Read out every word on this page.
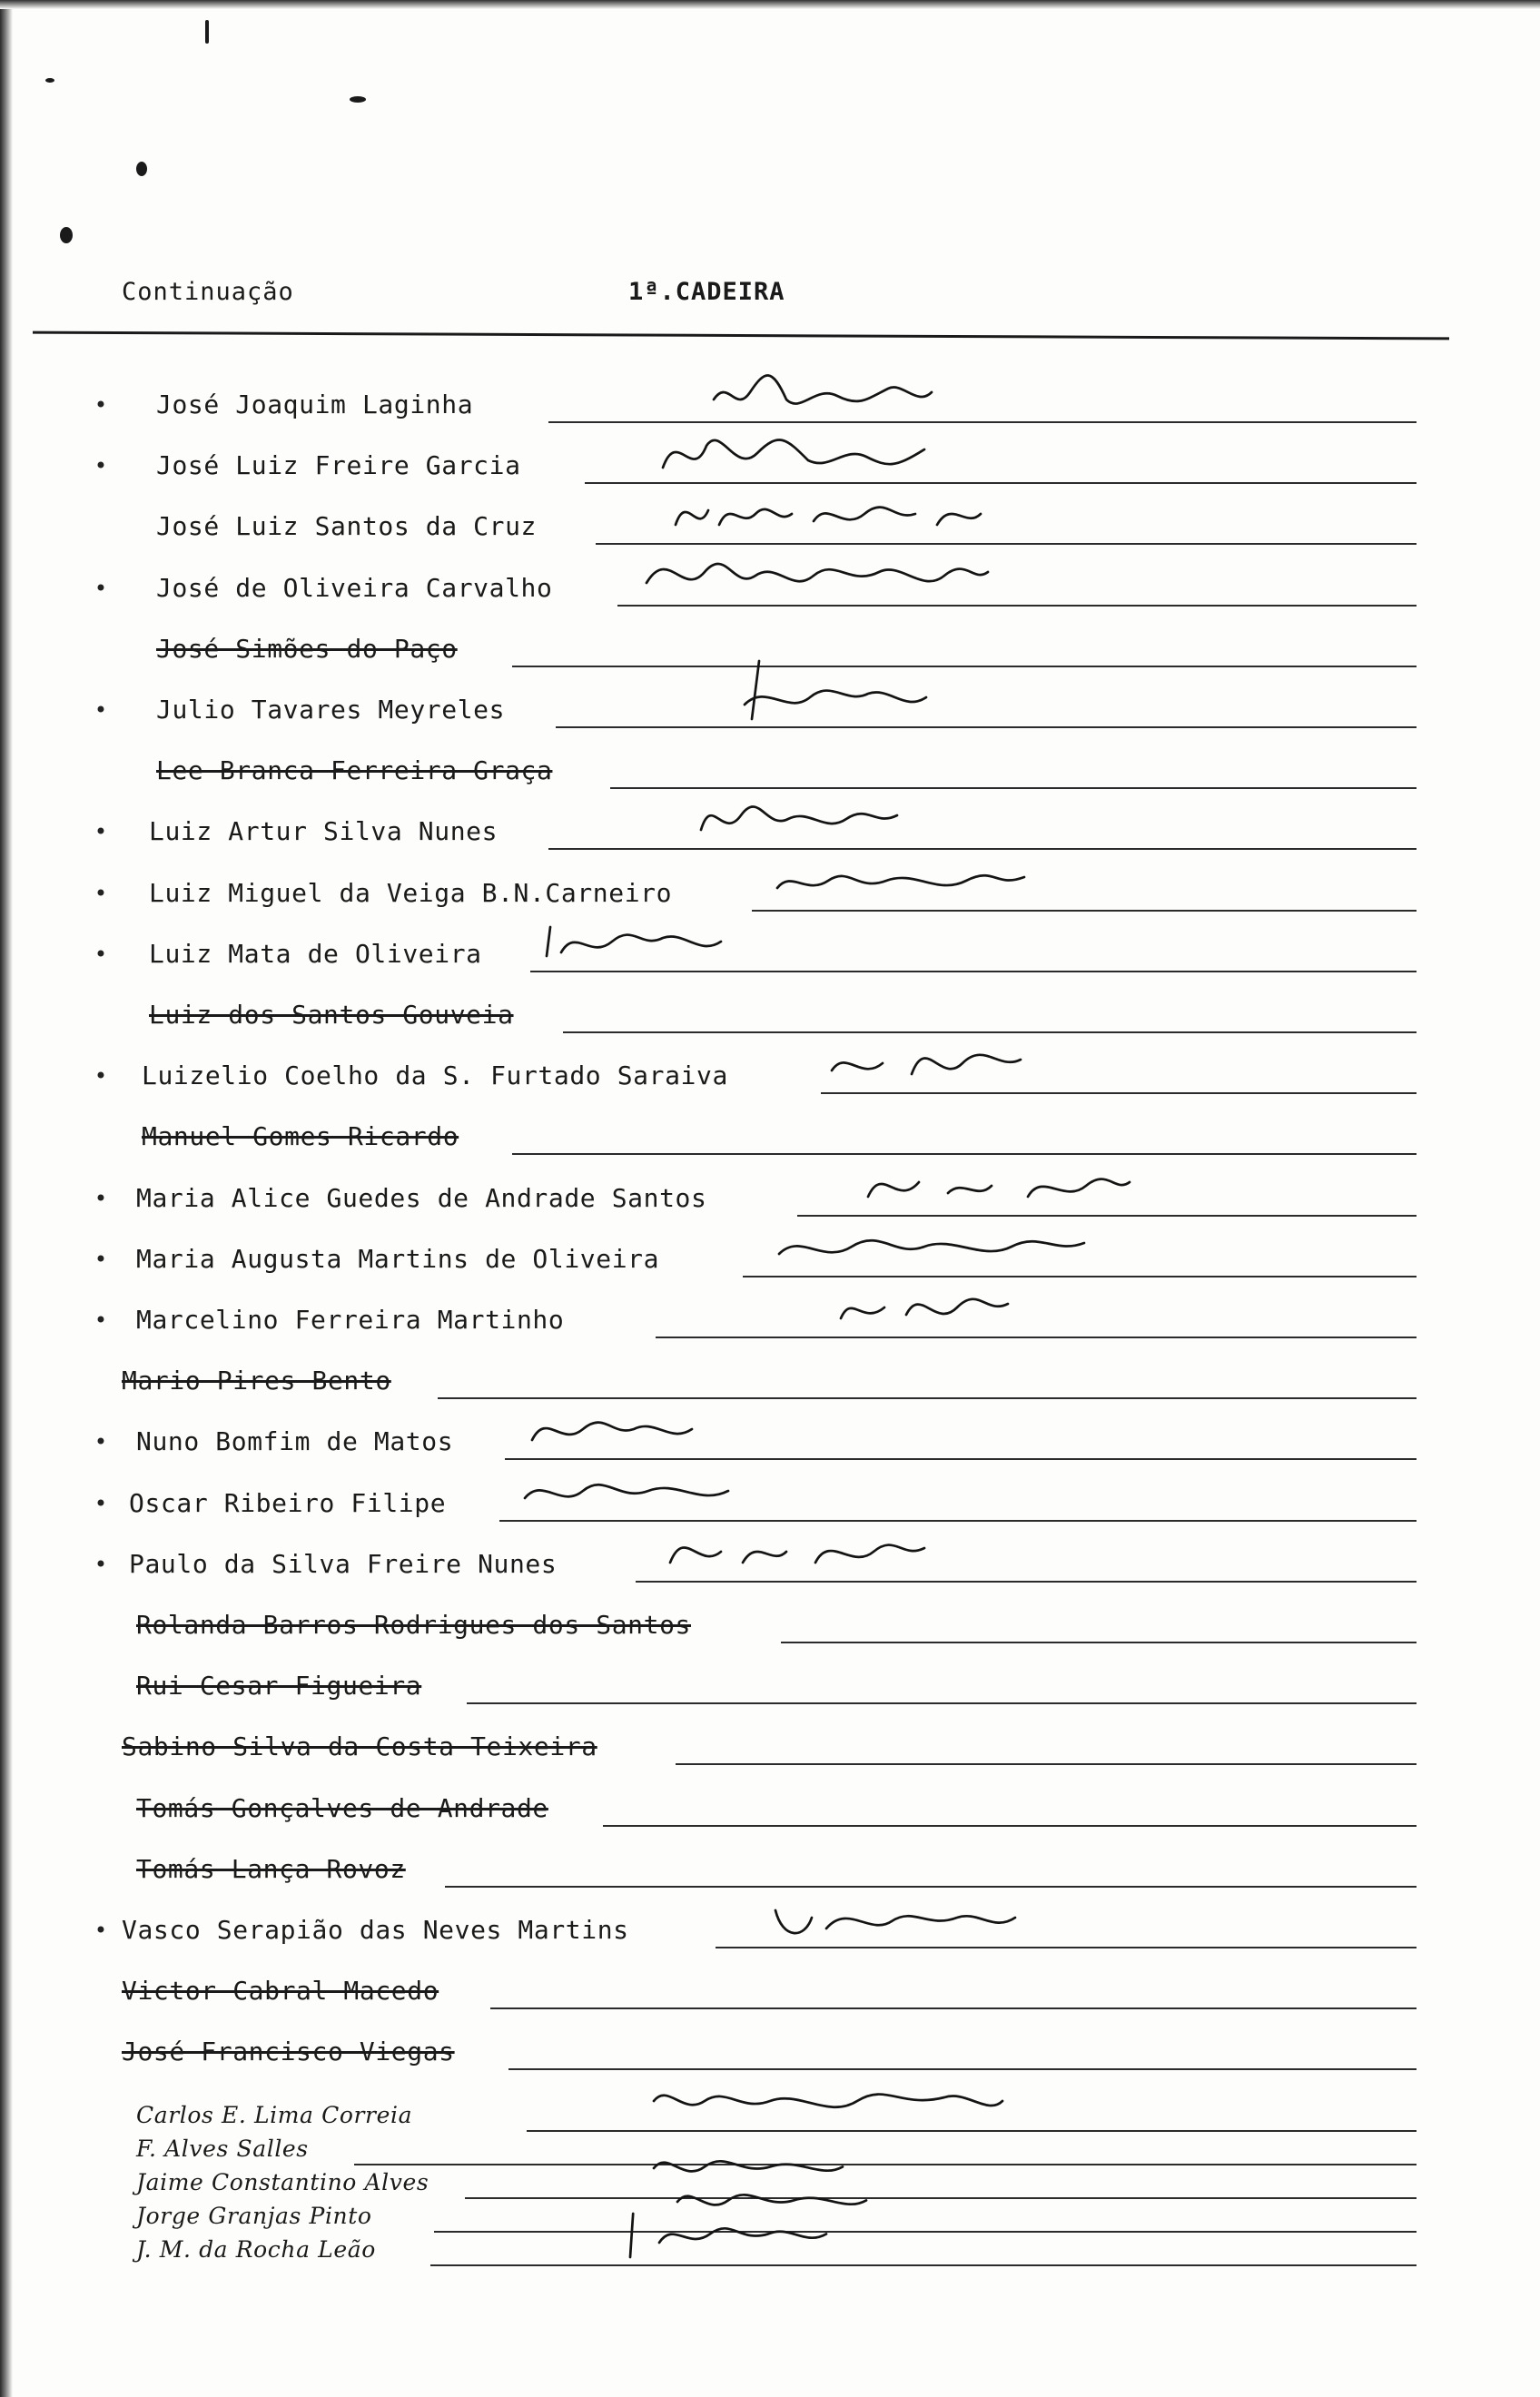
Continuação	1ª.CADEIRA
• José Joaquim Laginha
• José Luiz Freire Garcia
José Luiz Santos da Cruz
• José de Oliveira Carvalho
José Simões do Paço
• Julio Tavares Meyreles
Lee Branca Ferreira Graça
• Luiz Artur Silva Nunes
• Luiz Miguel da Veiga B.N.Carneiro
• Luiz Mata de Oliveira
Luiz dos Santos Gouveia
• Luizelio Coelho da S. Furtado Saraiva
Manuel Gomes Ricardo
• Maria Alice Guedes de Andrade Santos
• Maria Augusta Martins de Oliveira
• Marcelino Ferreira Martinho
Mario Pires Bento
• Nuno Bomfim de Matos
• Oscar Ribeiro Filipe
• Paulo da Silva Freire Nunes
Rolanda Barros Rodrigues dos Santos
Rui Cesar Figueira
Sabino Silva da Costa Teixeira
Tomás Gonçalves de Andrade
Tomás Lança Rovoz
• Vasco Serapião das Neves Martins
Victor Cabral Macedo
José Francisco Viegas
Carlos E. Lima Correia
F. Alves Salles
Jaime Constantino Alves
Jorge Granjas Pinto
J. M. da Rocha Leão
